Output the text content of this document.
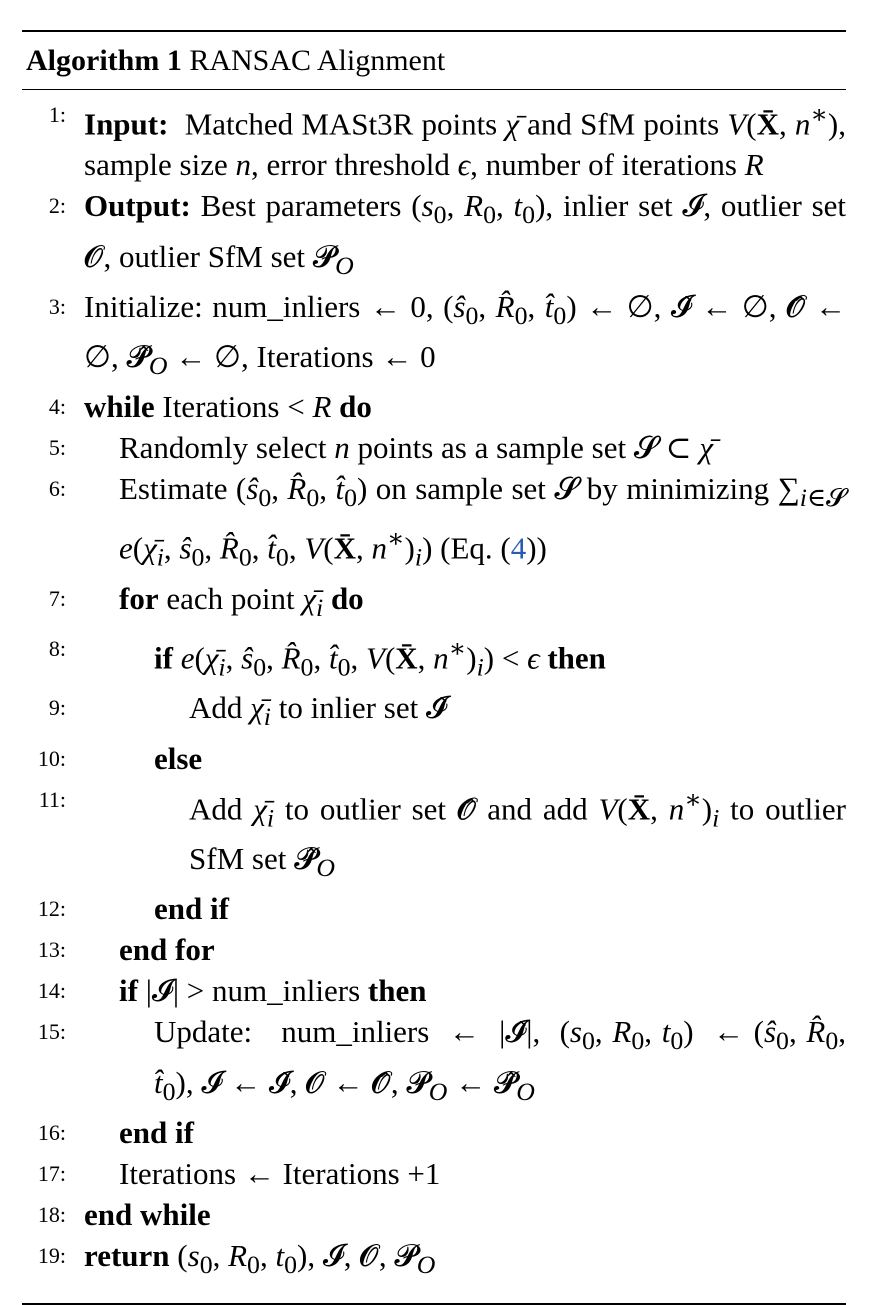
Algorithm 1 RANSAC Alignment
1: Input:  Matched MASt3R points χ̄ and SfM points V(X̄, n∗), sample size n, error threshold ϵ, number of iterations R
2: Output: Best parameters ($s_0$, $R_0$, $t_0$), inlier set 𝓘, outlier set 𝓞, outlier SfM set 𝓟$_O$
3: Initialize: num_inliers ← 0, ($ŝ_0$, $R̂_0$, $t̂_0$) ← ∅, 𝓘̂ ← ∅, 𝓞̂ ← ∅, $𝓟̂_O$ ← ∅, Iterations ← 0
4: while Iterations < R do
5: Randomly select n points as a sample set 𝓢 ⊂ χ̄
6: Estimate ($ŝ_0$, $R̂_0$, $t̂_0$) on sample set 𝓢 by minimizing $\sum_{i\in 𝓢}$ $e(\chī_i$, $ŝ_0$, $R̂_0$, $t̂_0$, V(X̄, $n^∗)_i$) (Eq. (4))
7: for each point $\chī_i$ do
8:	if $e(\chī_i$, $ŝ_0$, $R̂_0$, $t̂_0$, V(X̄, $n^∗)_i) < \epsilon$ then
9:	Add $\chī_i$ to inlier set 𝓘̂
10:	else
11:	Add $\chī_i$ to outlier set 𝓞̂ and add V(X̄, $n^∗)_i$ to outlier SfM set $𝓟̂_O$
12:	end if
13: end for
14: if |𝓘| > num_inliers then
15:	Update:   num_inliers  ←  |𝓘̂|,  ($s_0$, $R_0$, $t_0$)  ← ($ŝ_0$, $R̂_0$, $t̂_0$), 𝓘 ← 𝓘̂, 𝓞 ← 𝓞̂, 𝓟$_O$ ← $𝓟̂_O$
16: end if
17: Iterations ← Iterations +1
18: end while
19: return ($s_0$, $R_0$, $t_0$), 𝓘, 𝓞, 𝓟$_O$
